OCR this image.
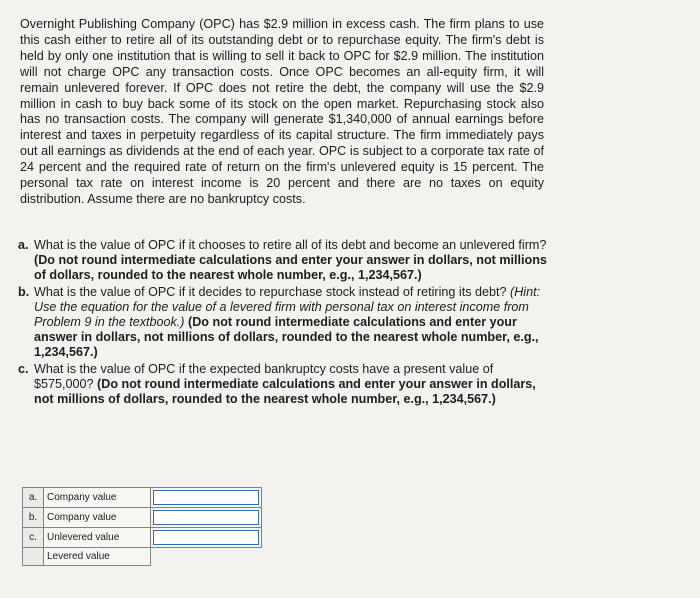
Overnight Publishing Company (OPC) has $2.9 million in excess cash. The firm plans to use this cash either to retire all of its outstanding debt or to repurchase equity. The firm's debt is held by only one institution that is willing to sell it back to OPC for $2.9 million. The institution will not charge OPC any transaction costs. Once OPC becomes an all-equity firm, it will remain unlevered forever. If OPC does not retire the debt, the company will use the $2.9 million in cash to buy back some of its stock on the open market. Repurchasing stock also has no transaction costs. The company will generate $1,340,000 of annual earnings before interest and taxes in perpetuity regardless of its capital structure. The firm immediately pays out all earnings as dividends at the end of each year. OPC is subject to a corporate tax rate of 24 percent and the required rate of return on the firm's unlevered equity is 15 percent. The personal tax rate on interest income is 20 percent and there are no taxes on equity distribution. Assume there are no bankruptcy costs.

a. What is the value of OPC if it chooses to retire all of its debt and become an unlevered firm? (Do not round intermediate calculations and enter your answer in dollars, not millions of dollars, rounded to the nearest whole number, e.g., 1,234,567.)
b. What is the value of OPC if it decides to repurchase stock instead of retiring its debt? (Hint: Use the equation for the value of a levered firm with personal tax on interest income from Problem 9 in the textbook.) (Do not round intermediate calculations and enter your answer in dollars, not millions of dollars, rounded to the nearest whole number, e.g., 1,234,567.)
c. What is the value of OPC if the expected bankruptcy costs have a present value of $575,000? (Do not round intermediate calculations and enter your answer in dollars, not millions of dollars, rounded to the nearest whole number, e.g., 1,234,567.)
a.	Company value	

b.	Company value	

c.	Unlevered value	

	Levered value	
